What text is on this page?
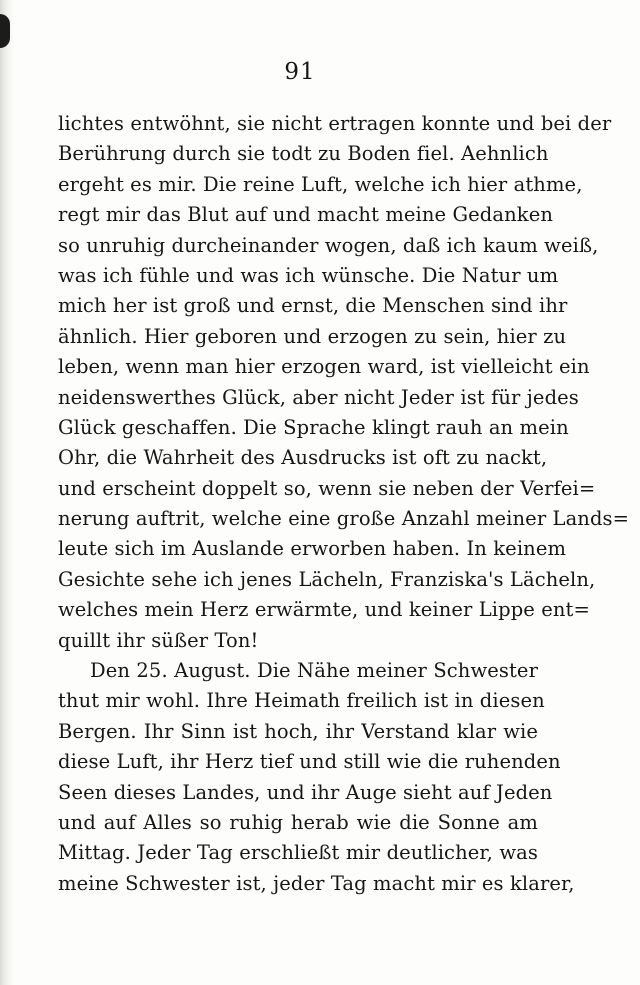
91
lichtes entwöhnt, sie nicht ertragen konnte und bei der
Berührung durch sie todt zu Boden fiel. Aehnlich
ergeht es mir. Die reine Luft, welche ich hier athme,
regt mir das Blut auf und macht meine Gedanken
so unruhig durcheinander wogen, daß ich kaum weiß,
was ich fühle und was ich wünsche. Die Natur um
mich her ist groß und ernst, die Menschen sind ihr
ähnlich. Hier geboren und erzogen zu sein, hier zu
leben, wenn man hier erzogen ward, ist vielleicht ein
neidenswerthes Glück, aber nicht Jeder ist für jedes
Glück geschaffen. Die Sprache klingt rauh an mein
Ohr, die Wahrheit des Ausdrucks ist oft zu nackt,
und erscheint doppelt so, wenn sie neben der Verfei=
nerung auftrit, welche eine große Anzahl meiner Lands=
leute sich im Auslande erworben haben. In keinem
Gesichte sehe ich jenes Lächeln, Franziska's Lächeln,
welches mein Herz erwärmte, und keiner Lippe ent=
quillt ihr süßer Ton!
Den 25. August. Die Nähe meiner Schwester
thut mir wohl. Ihre Heimath freilich ist in diesen
Bergen. Ihr Sinn ist hoch, ihr Verstand klar wie
diese Luft, ihr Herz tief und still wie die ruhenden
Seen dieses Landes, und ihr Auge sieht auf Jeden
und auf Alles so ruhig herab wie die Sonne am
Mittag. Jeder Tag erschließt mir deutlicher, was
meine Schwester ist, jeder Tag macht mir es klarer,
